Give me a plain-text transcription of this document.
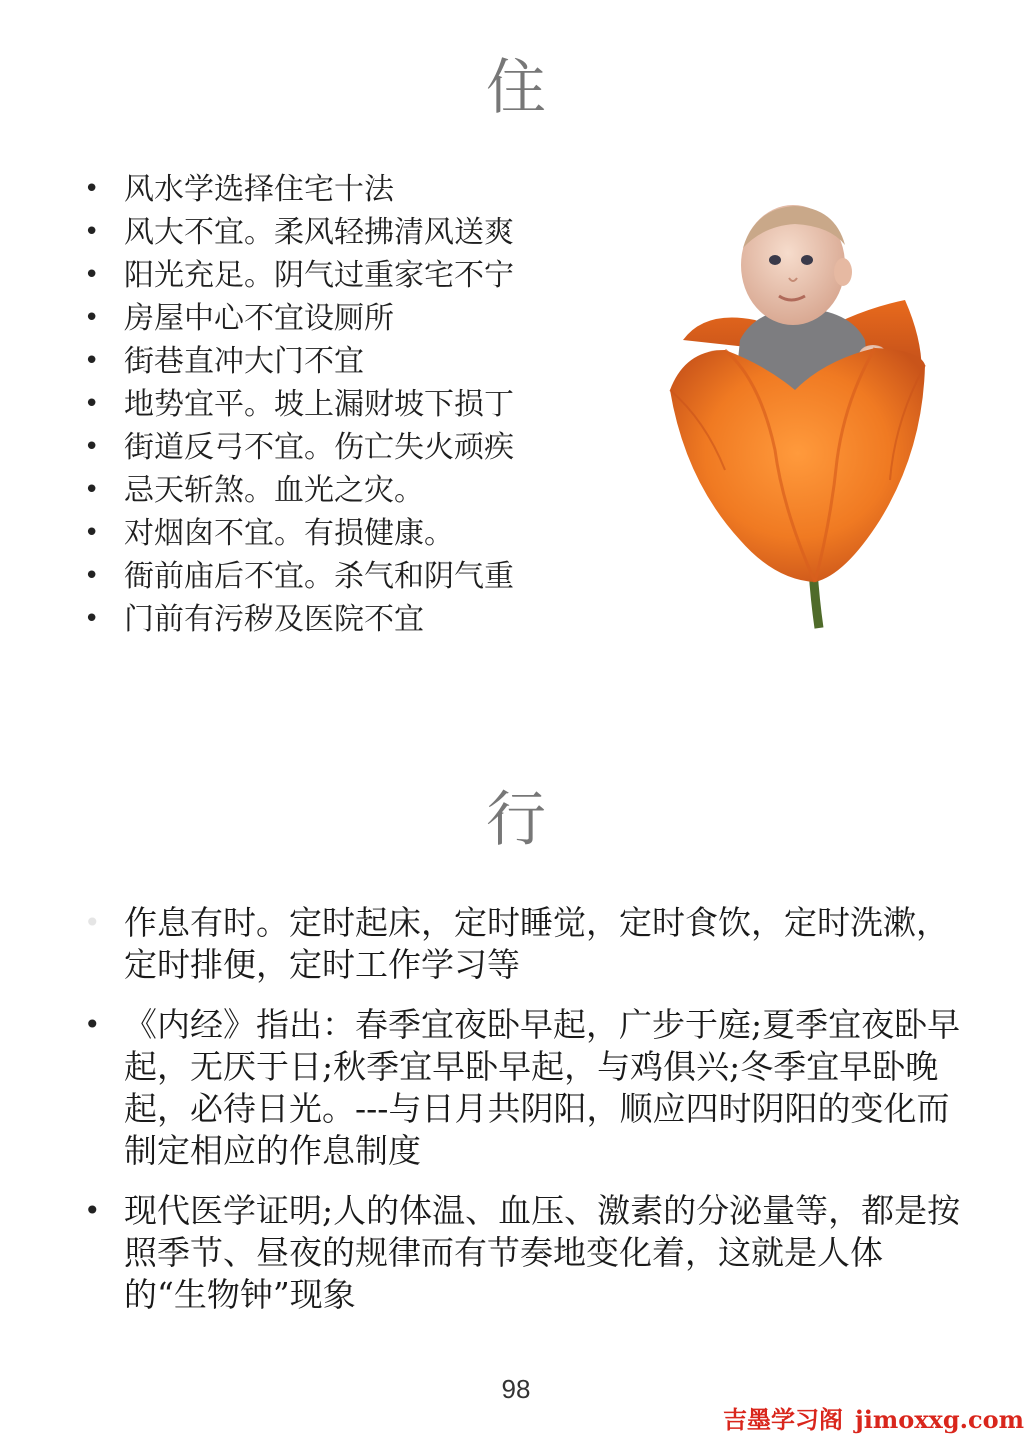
住
• 风水学选择住宅十法
• 风大不宜。柔风轻拂清风送爽
• 阳光充足。阴气过重家宅不宁
• 房屋中心不宜设厕所
• 街巷直冲大门不宜
• 地势宜平。坡上漏财坡下损丁
• 街道反弓不宜。伤亡失火顽疾
• 忌天斩煞。血光之灾。
• 对烟囱不宜。有损健康。
• 衙前庙后不宜。杀气和阴气重
• 门前有污秽及医院不宜
行
• 作息有时。定时起床，定时睡觉，定时食饮，定时洗漱，定时排便，定时工作学习等
• 《内经》指出：春季宜夜卧早起，广步于庭;夏季宜夜卧早起，无厌于日;秋季宜早卧早起，与鸡俱兴;冬季宜早卧晚起，必待日光。---与日月共阴阳，顺应四时阴阳的变化而制定相应的作息制度
• 现代医学证明;人的体温、血压、激素的分泌量等，都是按照季节、昼夜的规律而有节奏地变化着，这就是人体的“生物钟”现象
98
吉墨学习阁 jimoxxg.com
